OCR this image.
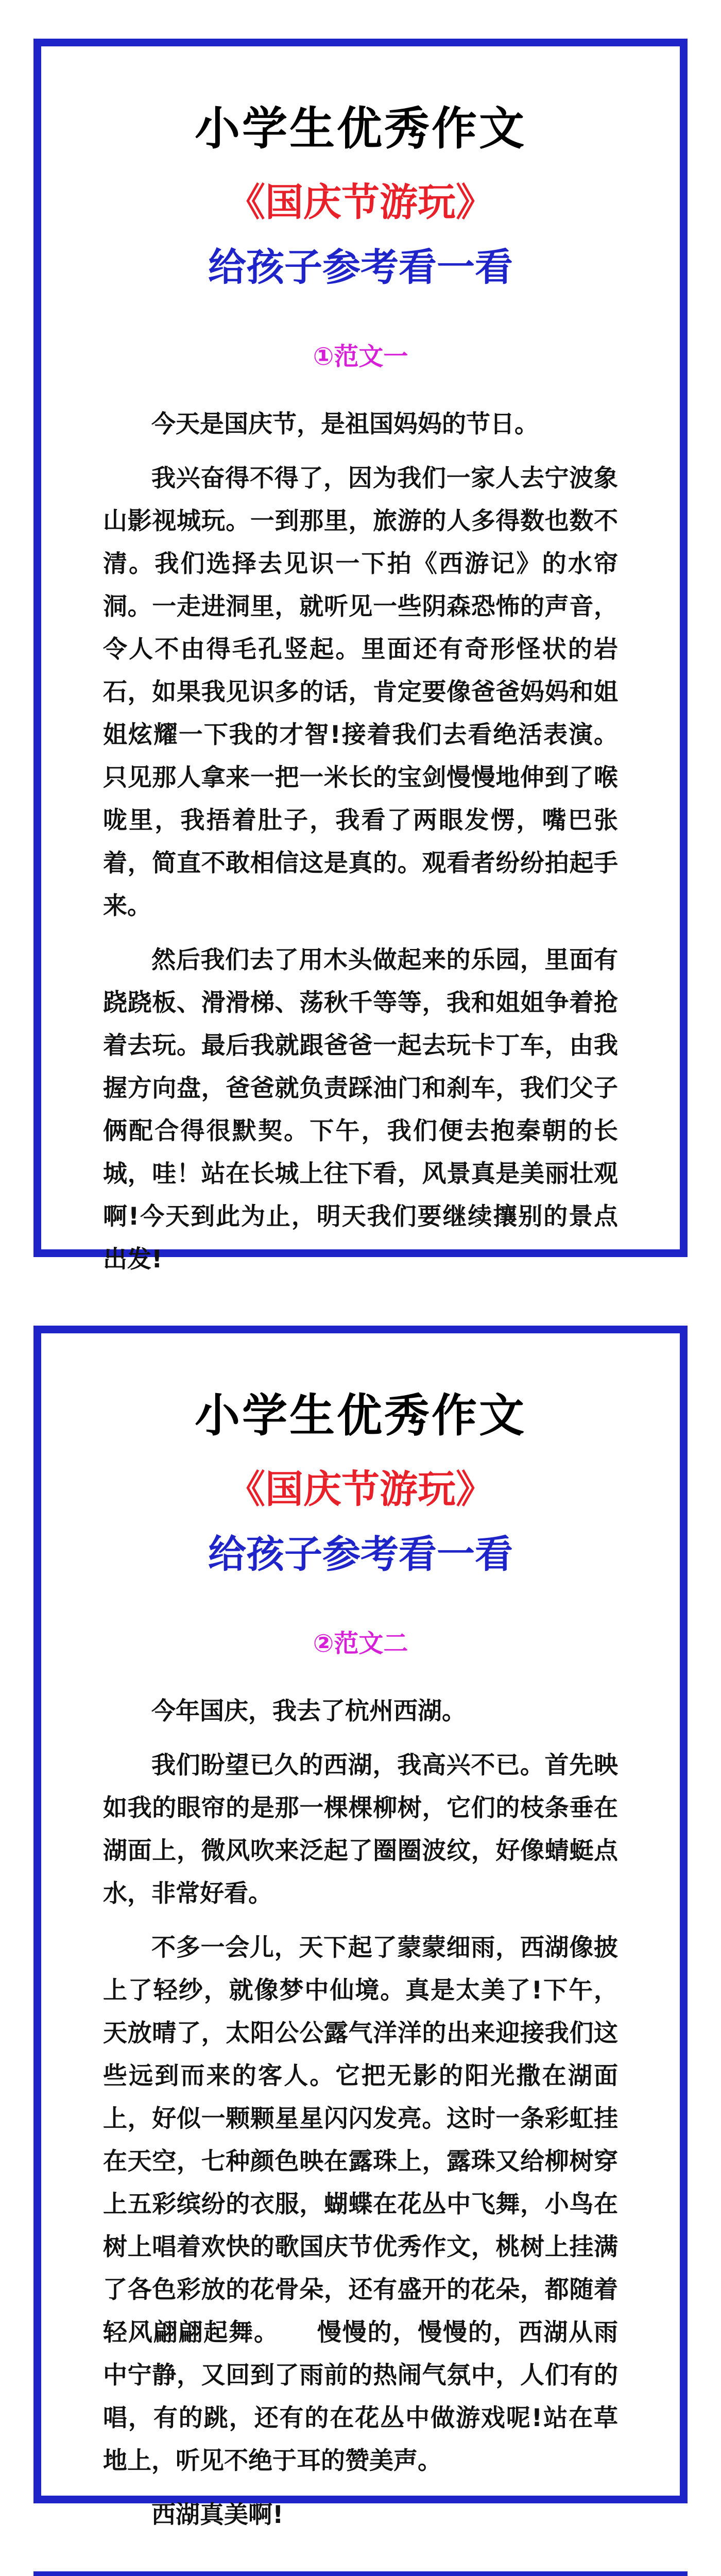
小学生优秀作文
《国庆节游玩》
给孩子参考看一看
①范文一

今天是国庆节，是祖国妈妈的节日。

我兴奋得不得了，因为我们一家人去宁波象山影视城玩。一到那里，旅游的人多得数也数不清。我们选择去见识一下拍《西游记》的水帘洞。一走进洞里，就听见一些阴森恐怖的声音，令人不由得毛孔竖起。里面还有奇形怪状的岩石，如果我见识多的话，肯定要像爸爸妈妈和姐姐炫耀一下我的才智!接着我们去看绝活表演。只见那人拿来一把一米长的宝剑慢慢地伸到了喉咙里，我捂着肚子，我看了两眼发愣，嘴巴张着，简直不敢相信这是真的。观看者纷纷拍起手来。

然后我们去了用木头做起来的乐园，里面有跷跷板、滑滑梯、荡秋千等等，我和姐姐争着抢着去玩。最后我就跟爸爸一起去玩卡丁车，由我握方向盘，爸爸就负责踩油门和刹车，我们父子俩配合得很默契。下午，我们便去抱秦朝的长城，哇！站在长城上往下看，风景真是美丽壮观啊!今天到此为止，明天我们要继续攘别的景点出发!

小学生优秀作文
《国庆节游玩》
给孩子参考看一看
②范文二

今年国庆，我去了杭州西湖。

我们盼望已久的西湖，我高兴不已。首先映如我的眼帘的是那一棵棵柳树，它们的枝条垂在湖面上，微风吹来泛起了圈圈波纹，好像蜻蜓点水，非常好看。

不多一会儿，天下起了蒙蒙细雨，西湖像披上了轻纱，就像梦中仙境。真是太美了!下午，天放晴了，太阳公公露气洋洋的出来迎接我们这些远到而来的客人。它把无影的阳光撒在湖面上，好似一颗颗星星闪闪发亮。这时一条彩虹挂在天空，七种颜色映在露珠上，露珠又给柳树穿上五彩缤纷的衣服，蝴蝶在花丛中飞舞，小鸟在树上唱着欢快的歌国庆节优秀作文，桃树上挂满了各色彩放的花骨朵，还有盛开的花朵，都随着轻风翩翩起舞。　　慢慢的，慢慢的，西湖从雨中宁静，又回到了雨前的热闹气氛中，人们有的唱，有的跳，还有的在花丛中做游戏呢!站在草地上，听见不绝于耳的赞美声。

西湖真美啊!
